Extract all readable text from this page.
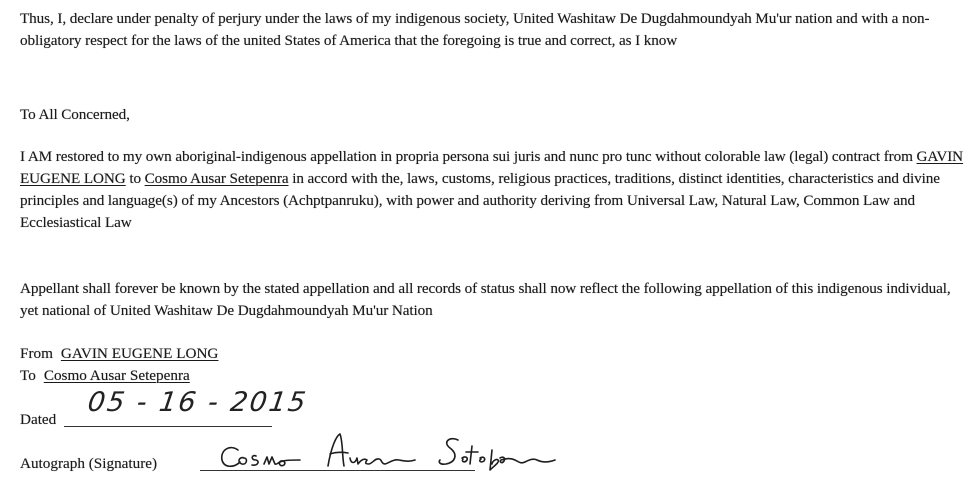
Thus, I, declare under penalty of perjury under the laws of my indigenous society, United Washitaw De Dugdahmoundyah Mu'ur nation and with a non-obligatory respect for the laws of the united States of America that the foregoing is true and correct, as I know
To All Concerned,
I AM restored to my own aboriginal-indigenous appellation in propria persona sui juris and nunc pro tunc without colorable law (legal) contract from GAVIN EUGENE LONG to Cosmo Ausar Setepenra in accord with the, laws, customs, religious practices, traditions, distinct identities, characteristics and divine principles and language(s) of my Ancestors (Achptpanruku), with power and authority deriving from Universal Law, Natural Law, Common Law and Ecclesiastical Law
Appellant shall forever be known by the stated appellation and all records of status shall now reflect the following appellation of this indigenous individual, yet national of United Washitaw De Dugdahmoundyah Mu'ur Nation
From GAVIN EUGENE LONG
To Cosmo Ausar Setepenra
Dated
05 - 16 - 2015
Autograph (Signature)
